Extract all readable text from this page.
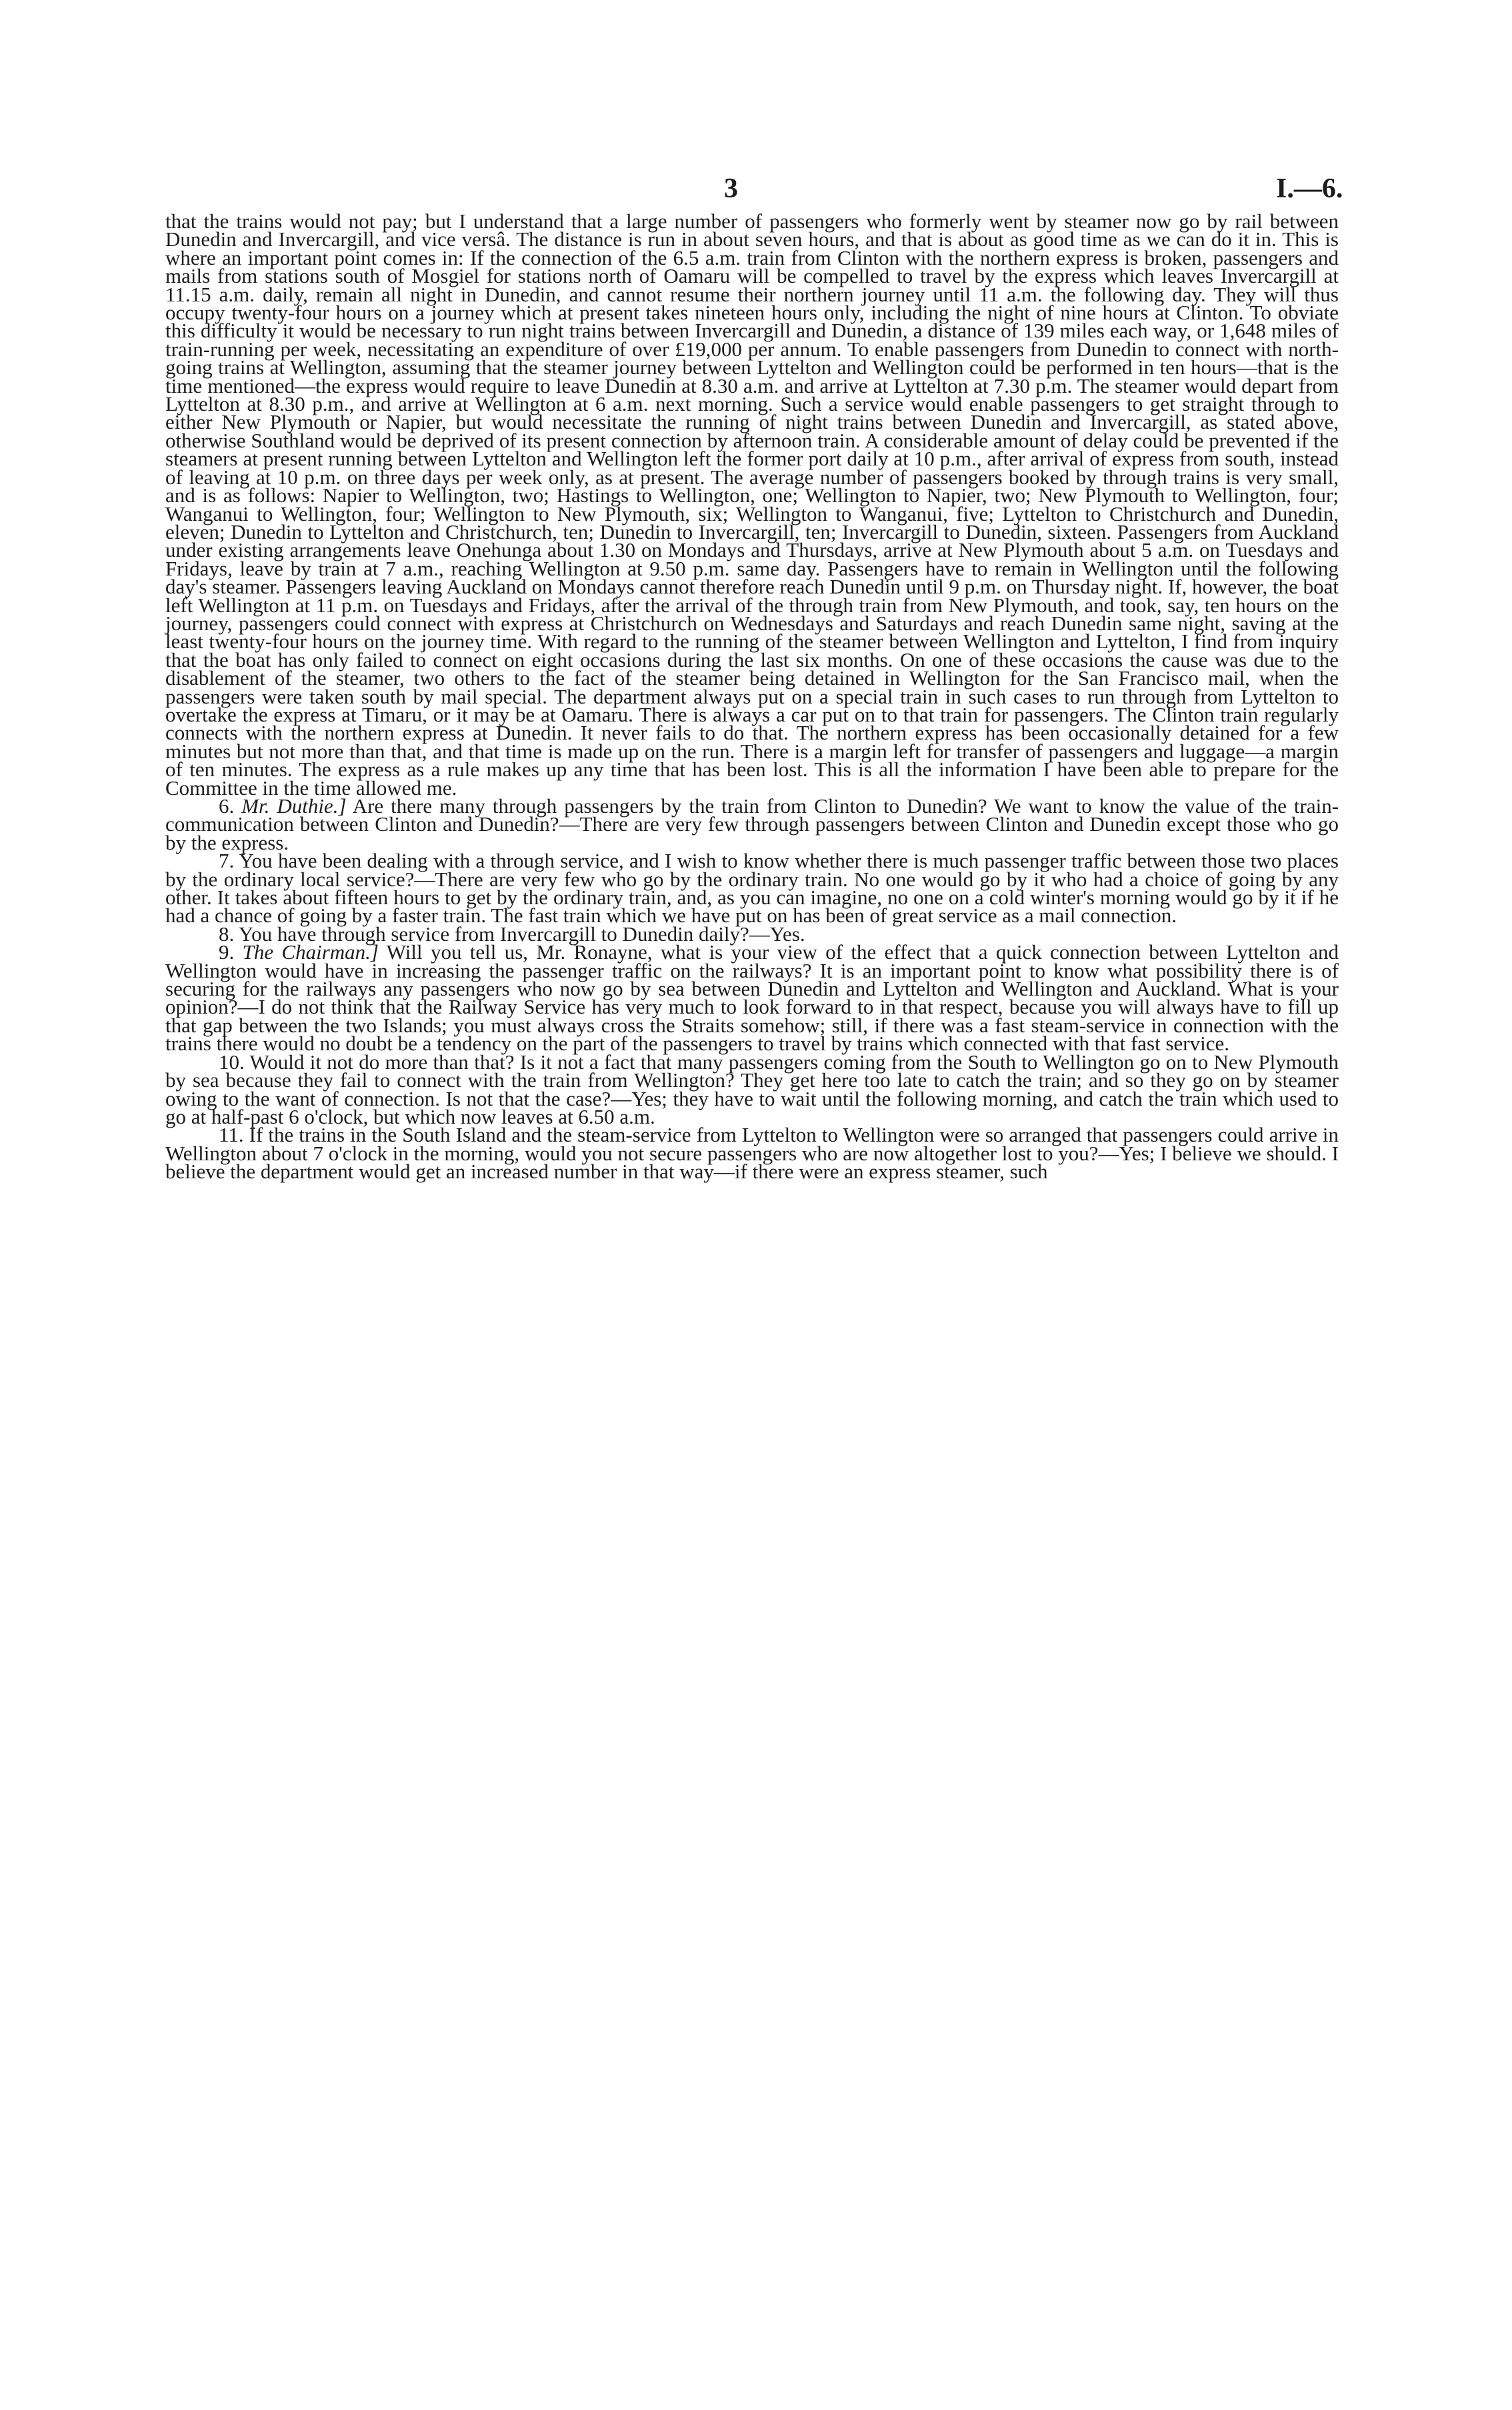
3	I.—6.

that the trains would not pay; but I understand that a large number of passengers who formerly went by steamer now go by rail between Dunedin and Invercargill, and vice versâ. The distance is run in about seven hours, and that is about as good time as we can do it in. This is where an important point comes in: If the connection of the 6.5 a.m. train from Clinton with the northern express is broken, passengers and mails from stations south of Mosgiel for stations north of Oamaru will be compelled to travel by the express which leaves Invercargill at 11.15 a.m. daily, remain all night in Dunedin, and cannot resume their northern journey until 11 a.m. the following day. They will thus occupy twenty-four hours on a journey which at present takes nineteen hours only, including the night of nine hours at Clinton. To obviate this difficulty it would be necessary to run night trains between Invercargill and Dunedin, a distance of 139 miles each way, or 1,648 miles of train-running per week, necessitating an expenditure of over £19,000 per annum. To enable passengers from Dunedin to connect with north-going trains at Wellington, assuming that the steamer journey between Lyttelton and Wellington could be performed in ten hours—that is the time mentioned—the express would require to leave Dunedin at 8.30 a.m. and arrive at Lyttelton at 7.30 p.m. The steamer would depart from Lyttelton at 8.30 p.m., and arrive at Wellington at 6 a.m. next morning. Such a service would enable passengers to get straight through to either New Plymouth or Napier, but would necessitate the running of night trains between Dunedin and Invercargill, as stated above, otherwise Southland would be deprived of its present connection by afternoon train. A considerable amount of delay could be prevented if the steamers at present running between Lyttelton and Wellington left the former port daily at 10 p.m., after arrival of express from south, instead of leaving at 10 p.m. on three days per week only, as at present. The average number of passengers booked by through trains is very small, and is as follows: Napier to Wellington, two; Hastings to Wellington, one; Wellington to Napier, two; New Plymouth to Wellington, four; Wanganui to Wellington, four; Wellington to New Plymouth, six; Wellington to Wanganui, five; Lyttelton to Christchurch and Dunedin, eleven; Dunedin to Lyttelton and Christchurch, ten; Dunedin to Invercargill, ten; Invercargill to Dunedin, sixteen. Passengers from Auckland under existing arrangements leave Onehunga about 1.30 on Mondays and Thursdays, arrive at New Plymouth about 5 a.m. on Tuesdays and Fridays, leave by train at 7 a.m., reaching Wellington at 9.50 p.m. same day. Passengers have to remain in Wellington until the following day's steamer. Passengers leaving Auckland on Mondays cannot therefore reach Dunedin until 9 p.m. on Thursday night. If, however, the boat left Wellington at 11 p.m. on Tuesdays and Fridays, after the arrival of the through train from New Plymouth, and took, say, ten hours on the journey, passengers could connect with express at Christchurch on Wednesdays and Saturdays and reach Dunedin same night, saving at the least twenty-four hours on the journey time. With regard to the running of the steamer between Wellington and Lyttelton, I find from inquiry that the boat has only failed to connect on eight occasions during the last six months. On one of these occasions the cause was due to the disablement of the steamer, two others to the fact of the steamer being detained in Wellington for the San Francisco mail, when the passengers were taken south by mail special. The department always put on a special train in such cases to run through from Lyttelton to overtake the express at Timaru, or it may be at Oamaru. There is always a car put on to that train for passengers. The Clinton train regularly connects with the northern express at Dunedin. It never fails to do that. The northern express has been occasionally detained for a few minutes but not more than that, and that time is made up on the run. There is a margin left for transfer of passengers and luggage—a margin of ten minutes. The express as a rule makes up any time that has been lost. This is all the information I have been able to prepare for the Committee in the time allowed me.

6. Mr. Duthie.] Are there many through passengers by the train from Clinton to Dunedin? We want to know the value of the train-communication between Clinton and Dunedin?—There are very few through passengers between Clinton and Dunedin except those who go by the express.

7. You have been dealing with a through service, and I wish to know whether there is much passenger traffic between those two places by the ordinary local service?—There are very few who go by the ordinary train. No one would go by it who had a choice of going by any other. It takes about fifteen hours to get by the ordinary train, and, as you can imagine, no one on a cold winter's morning would go by it if he had a chance of going by a faster train. The fast train which we have put on has been of great service as a mail connection.

8. You have through service from Invercargill to Dunedin daily?—Yes.

9. The Chairman.] Will you tell us, Mr. Ronayne, what is your view of the effect that a quick connection between Lyttelton and Wellington would have in increasing the passenger traffic on the railways? It is an important point to know what possibility there is of securing for the railways any passengers who now go by sea between Dunedin and Lyttelton and Wellington and Auckland. What is your opinion?—I do not think that the Railway Service has very much to look forward to in that respect, because you will always have to fill up that gap between the two Islands; you must always cross the Straits somehow; still, if there was a fast steam-service in connection with the trains there would no doubt be a tendency on the part of the passengers to travel by trains which connected with that fast service.

10. Would it not do more than that? Is it not a fact that many passengers coming from the South to Wellington go on to New Plymouth by sea because they fail to connect with the train from Wellington? They get here too late to catch the train; and so they go on by steamer owing to the want of connection. Is not that the case?—Yes; they have to wait until the following morning, and catch the train which used to go at half-past 6 o'clock, but which now leaves at 6.50 a.m.

11. If the trains in the South Island and the steam-service from Lyttelton to Wellington were so arranged that passengers could arrive in Wellington about 7 o'clock in the morning, would you not secure passengers who are now altogether lost to you?—Yes; I believe we should. I believe the department would get an increased number in that way—if there were an express steamer, such
